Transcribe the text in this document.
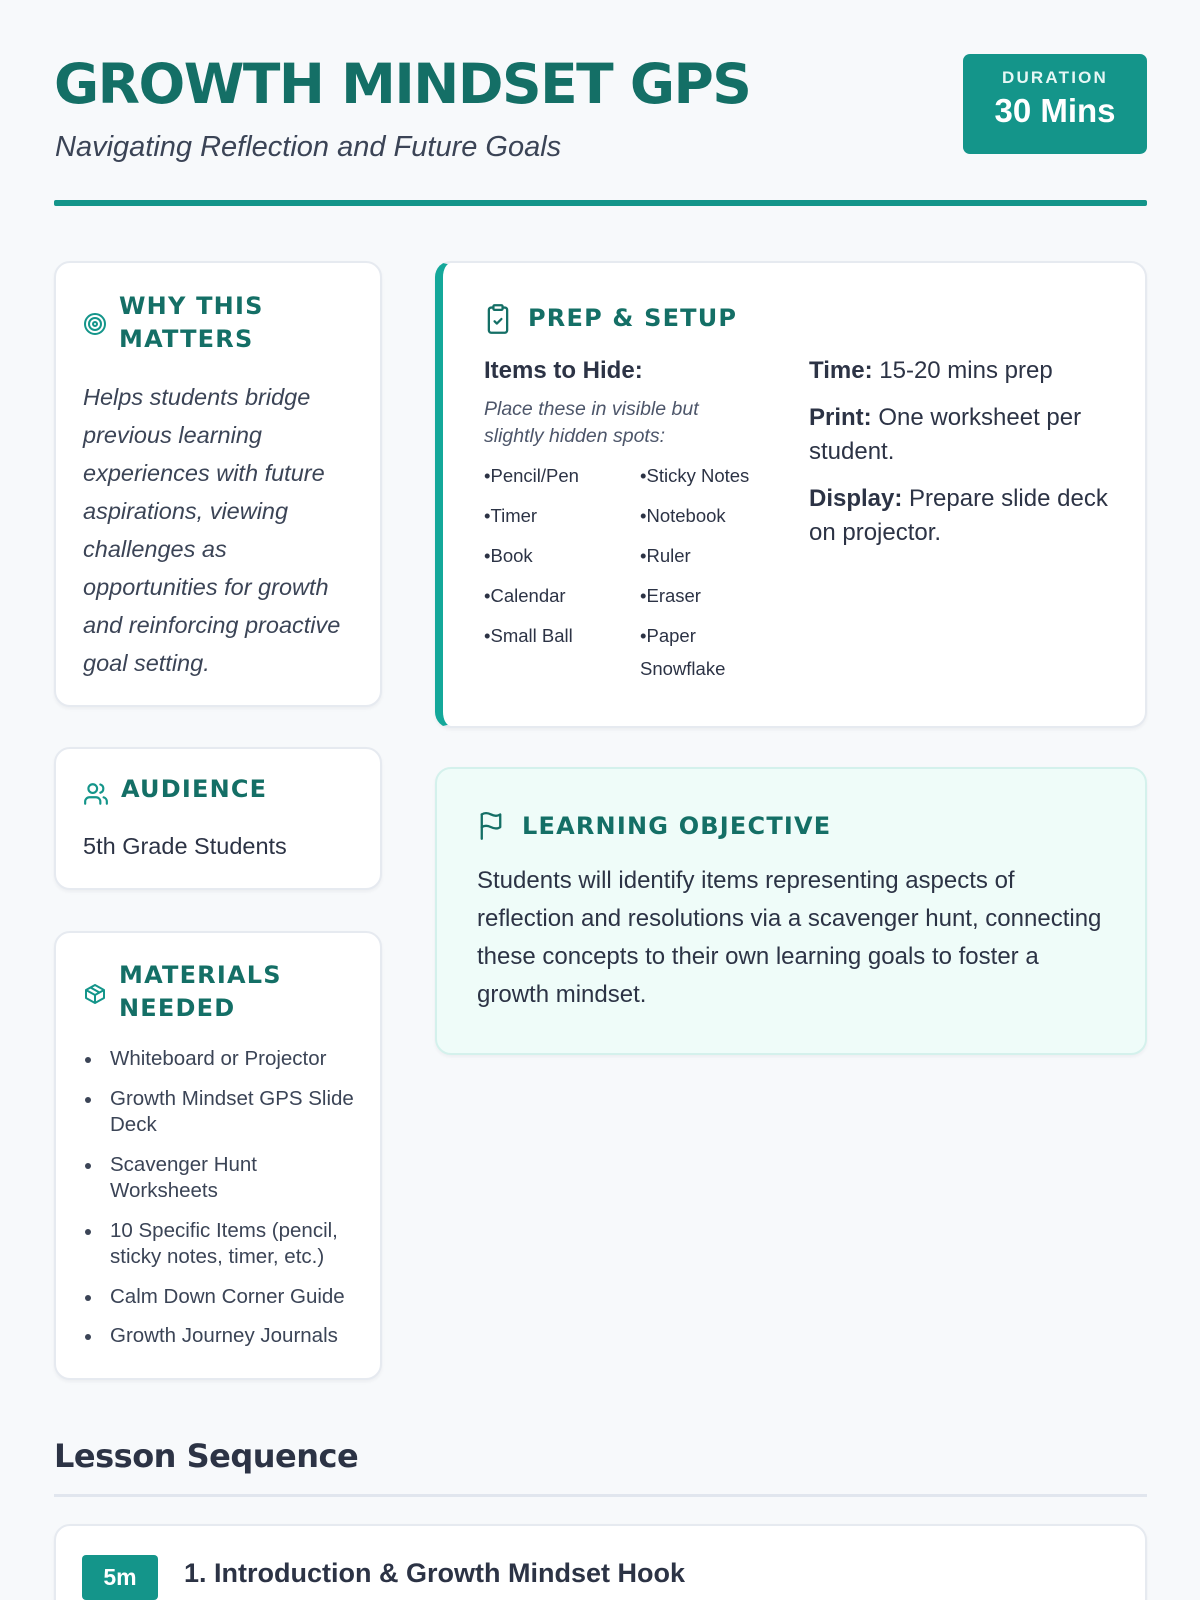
GROWTH MINDSET GPS
Navigating Reflection and Future Goals
DURATION
30 Mins
WHY THIS MATTERS

Helps students bridge previous learning experiences with future aspirations, viewing challenges as opportunities for growth and reinforcing proactive goal setting.

AUDIENCE

5th Grade Students

MATERIALS NEEDED
Whiteboard or Projector
Growth Mindset GPS Slide Deck
Scavenger Hunt Worksheets
10 Specific Items (pencil, sticky notes, timer, etc.)
Calm Down Corner Guide
Growth Journey Journals
PREP & SETUP
Items to Hide:

Place these in visible but slightly hidden spots:

• Pencil/Pen
• Timer
• Book
• Calendar
• Small Ball
• Sticky Notes
• Notebook
• Ruler
• Eraser
• Paper Snowflake

Time: 15-20 mins prep

Print: One worksheet per student.

Display: Prepare slide deck on projector.

LEARNING OBJECTIVE

Students will identify items representing aspects of reflection and resolutions via a scavenger hunt, connecting these concepts to their own learning goals to foster a growth mindset.

Lesson Sequence
5m	1. Introduction & Growth Mindset Hook
